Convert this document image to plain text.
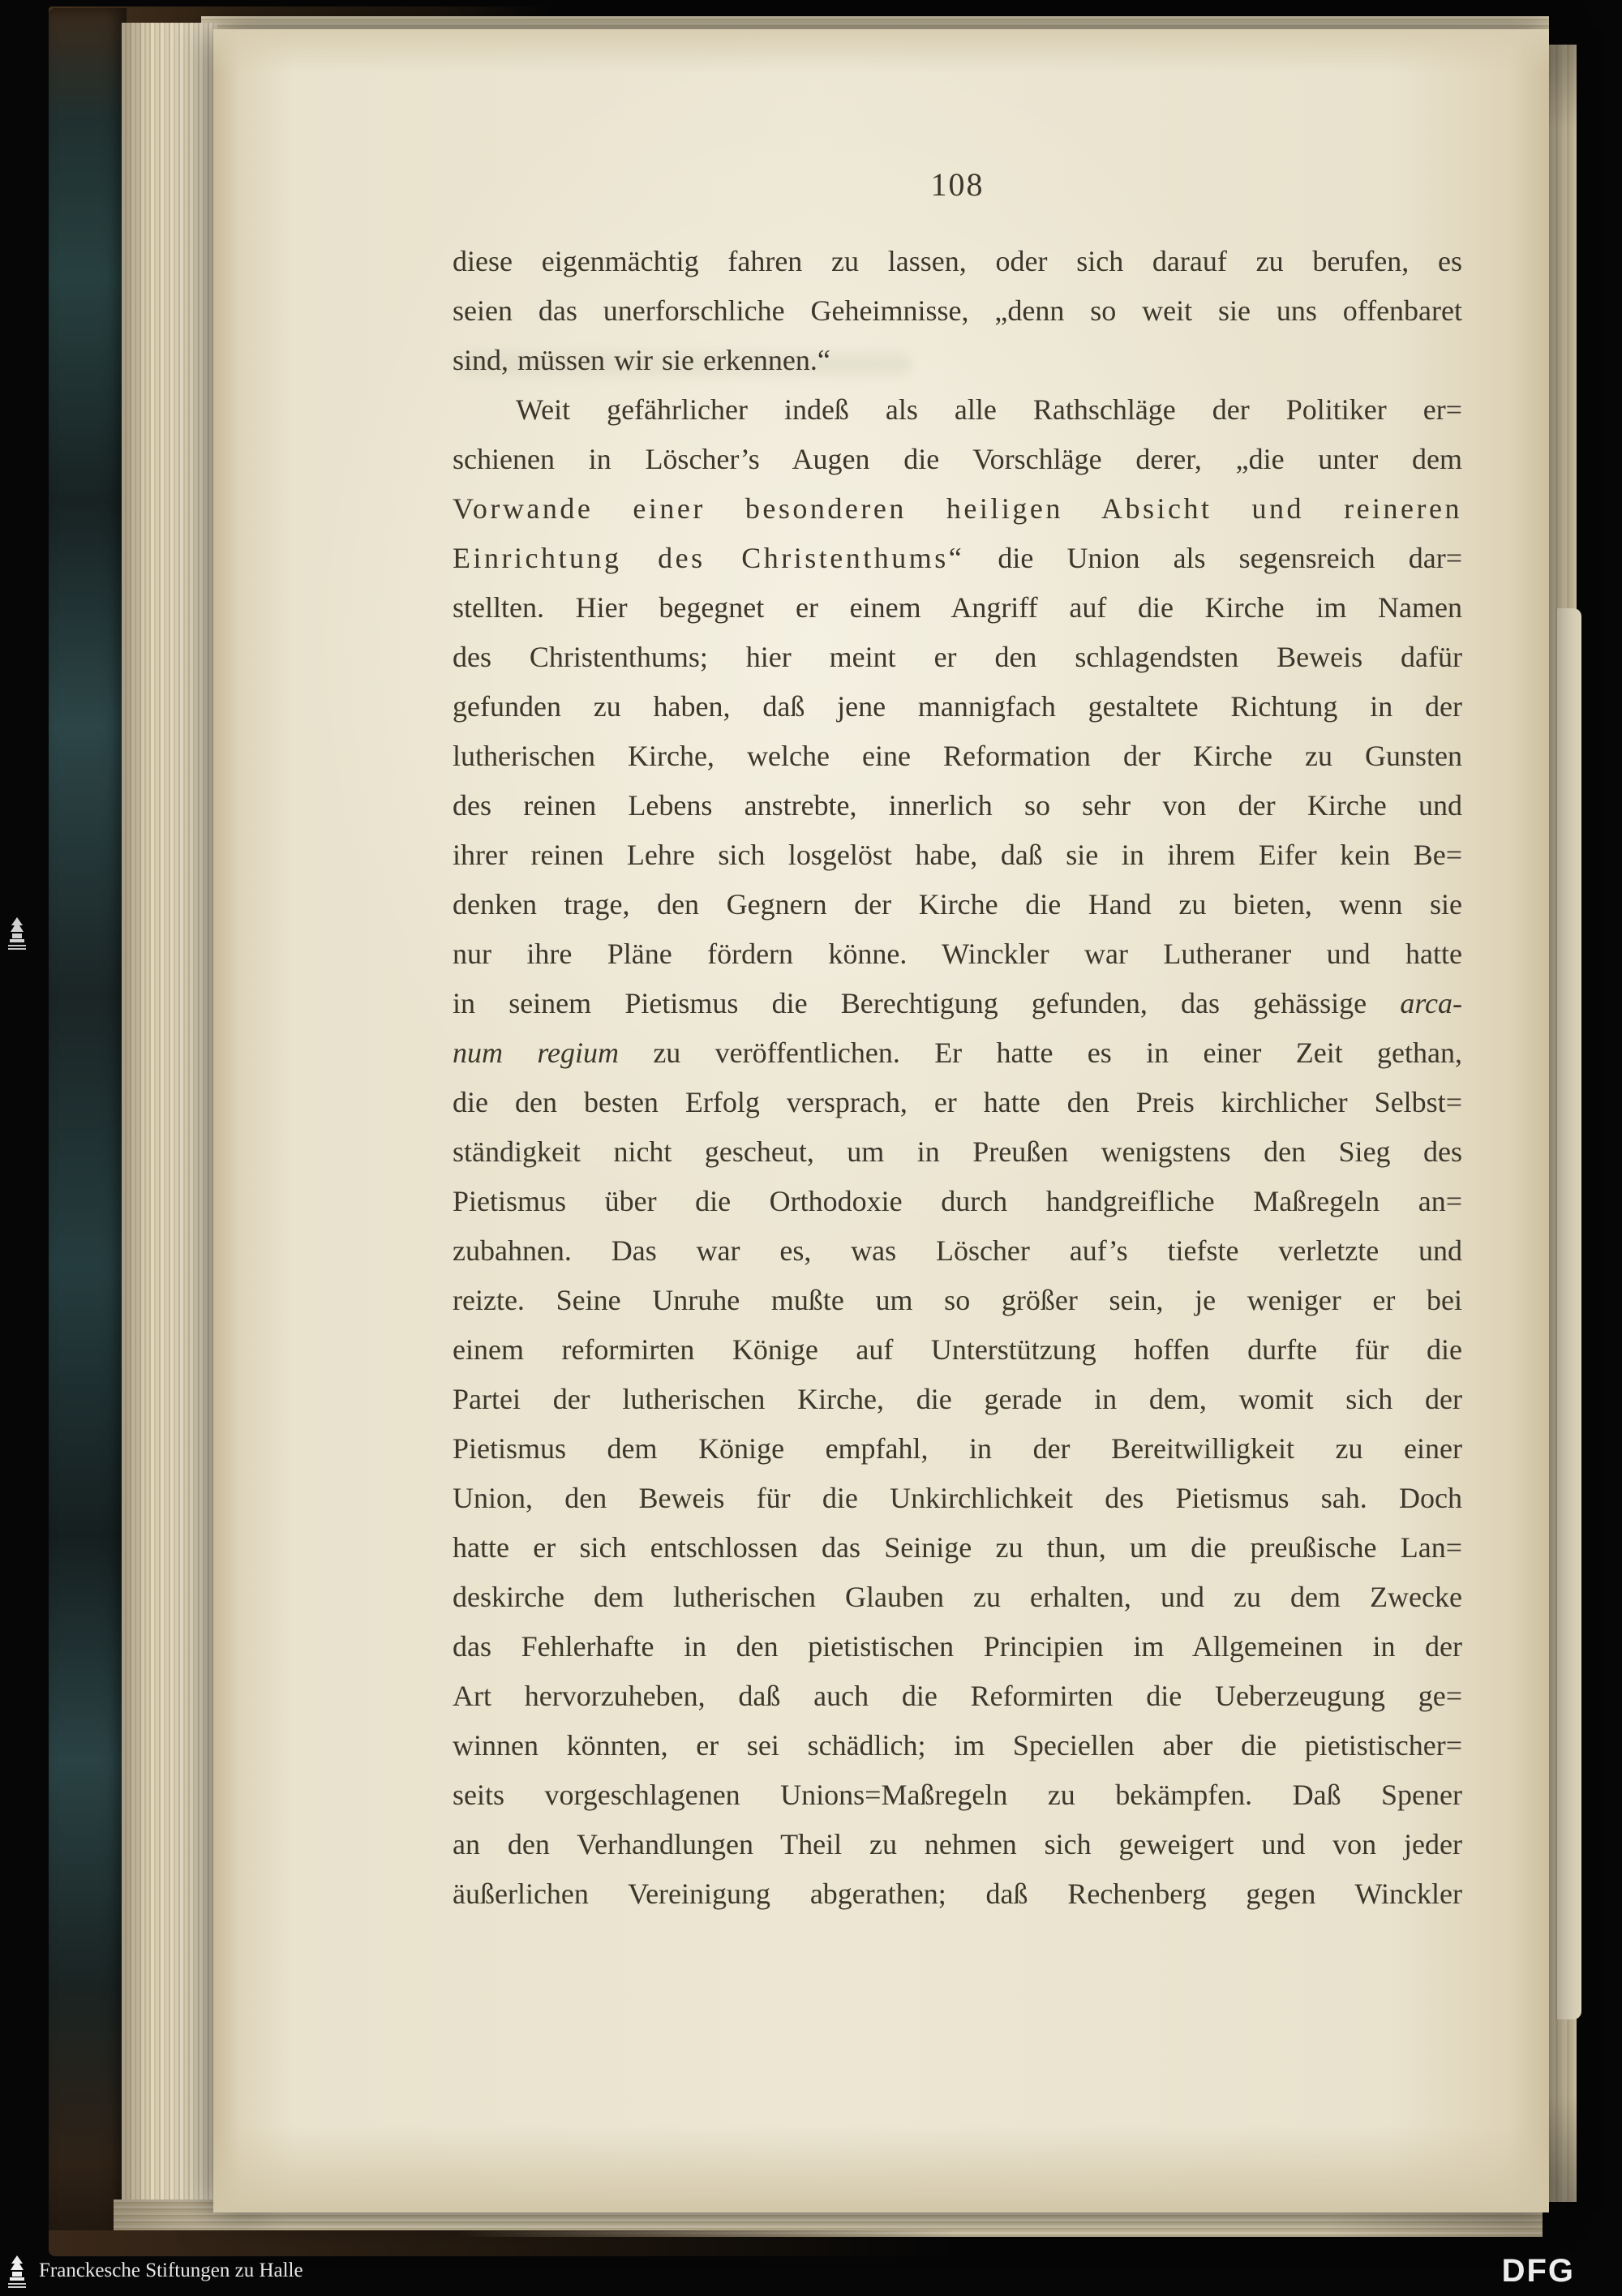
108
diese eigenmächtig fahren zu lassen, oder sich darauf zu berufen, es
seien das unerforschliche Geheimnisse, „denn so weit sie uns offenbaret
sind, müssen wir sie erkennen.“
Weit gefährlicher indeß als alle Rathschläge der Politiker er=
schienen in Löscher’s Augen die Vorschläge derer, „die unter dem
Vorwande einer besonderen heiligen Absicht und reineren
Einrichtung des Christenthums“ die Union als segensreich dar=
stellten. Hier begegnet er einem Angriff auf die Kirche im Namen
des Christenthums; hier meint er den schlagendsten Beweis dafür
gefunden zu haben, daß jene mannigfach gestaltete Richtung in der
lutherischen Kirche, welche eine Reformation der Kirche zu Gunsten
des reinen Lebens anstrebte, innerlich so sehr von der Kirche und
ihrer reinen Lehre sich losgelöst habe, daß sie in ihrem Eifer kein Be=
denken trage, den Gegnern der Kirche die Hand zu bieten, wenn sie
nur ihre Pläne fördern könne. Winckler war Lutheraner und hatte
in seinem Pietismus die Berechtigung gefunden, das gehässige arca-
num regium zu veröffentlichen. Er hatte es in einer Zeit gethan,
die den besten Erfolg versprach, er hatte den Preis kirchlicher Selbst=
ständigkeit nicht gescheut, um in Preußen wenigstens den Sieg des
Pietismus über die Orthodoxie durch handgreifliche Maßregeln an=
zubahnen. Das war es, was Löscher auf’s tiefste verletzte und
reizte. Seine Unruhe mußte um so größer sein, je weniger er bei
einem reformirten Könige auf Unterstützung hoffen durfte für die
Partei der lutherischen Kirche, die gerade in dem, womit sich der
Pietismus dem Könige empfahl, in der Bereitwilligkeit zu einer
Union, den Beweis für die Unkirchlichkeit des Pietismus sah. Doch
hatte er sich entschlossen das Seinige zu thun, um die preußische Lan=
deskirche dem lutherischen Glauben zu erhalten, und zu dem Zwecke
das Fehlerhafte in den pietistischen Principien im Allgemeinen in der
Art hervorzuheben, daß auch die Reformirten die Ueberzeugung ge=
winnen könnten, er sei schädlich; im Speciellen aber die pietistischer=
seits vorgeschlagenen Unions=Maßregeln zu bekämpfen. Daß Spener
an den Verhandlungen Theil zu nehmen sich geweigert und von jeder
äußerlichen Vereinigung abgerathen; daß Rechenberg gegen Winckler
Franckesche Stiftungen zu Halle	DFG
